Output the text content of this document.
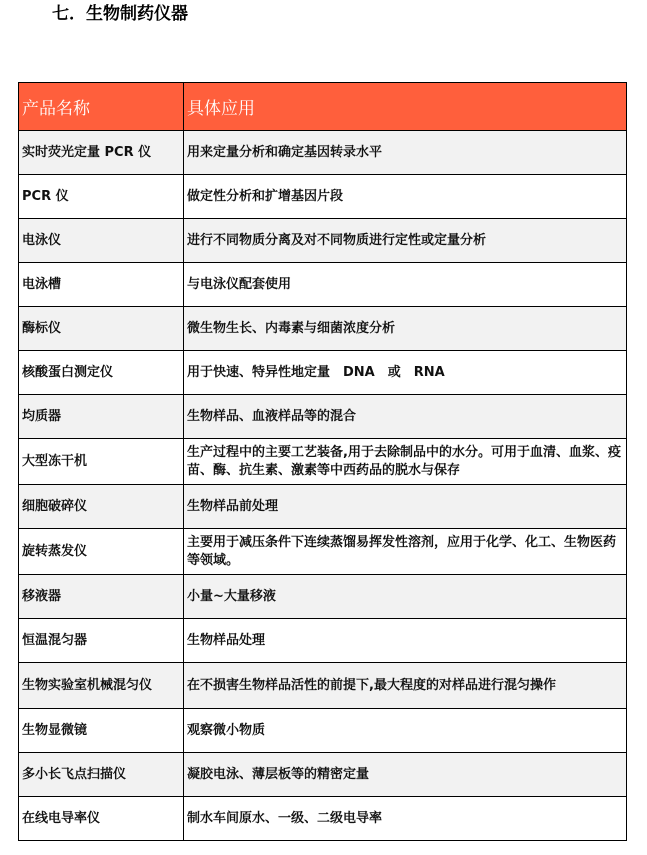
七．生物制药仪器
产品名称	具体应用
实时荧光定量 PCR 仪	用来定量分析和确定基因转录水平
PCR 仪	做定性分析和扩增基因片段
电泳仪	进行不同物质分离及对不同物质进行定性或定量分析
电泳槽	与电泳仪配套使用
酶标仪	微生物生长、内毒素与细菌浓度分析
核酸蛋白测定仪	用于快速、特异性地定量　DNA　或　RNA
均质器	生物样品、血液样品等的混合
大型冻干机	生产过程中的主要工艺装备,用于去除制品中的水分。可用于血清、血浆、疫苗、酶、抗生素、激素等中西药品的脱水与保存
细胞破碎仪	生物样品前处理
旋转蒸发仪	主要用于减压条件下连续蒸馏易挥发性溶剂，应用于化学、化工、生物医药等领域。
移液器	小量~大量移液
恒温混匀器	生物样品处理
生物实验室机械混匀仪	在不损害生物样品活性的前提下,最大程度的对样品进行混匀操作
生物显微镜	观察微小物质
多小长飞点扫描仪	凝胶电泳、薄层板等的精密定量
在线电导率仪	制水车间原水、一级、二级电导率
